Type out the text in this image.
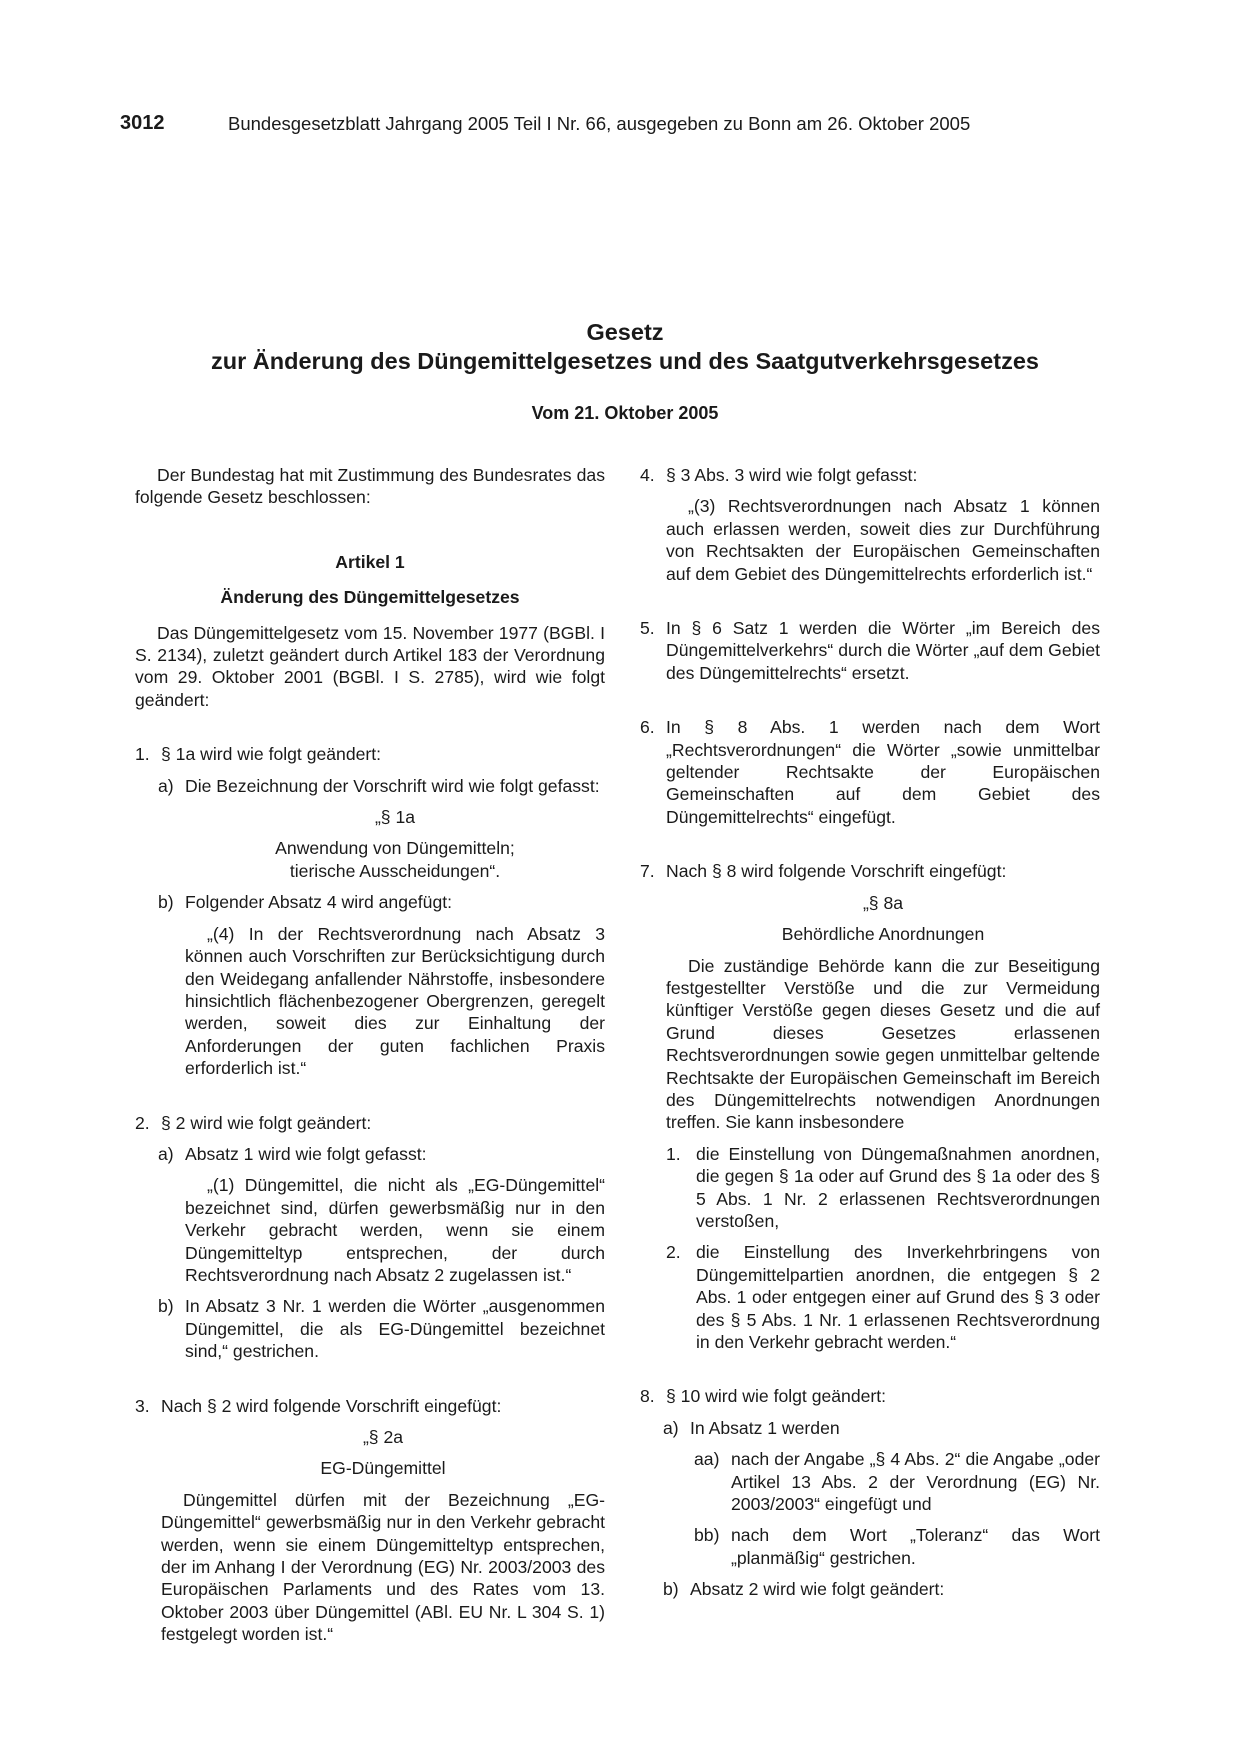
3012	Bundesgesetzblatt Jahrgang 2005 Teil I Nr. 66, ausgegeben zu Bonn am 26. Oktober 2005
Gesetz
zur Änderung des Düngemittelgesetzes und des Saatgutverkehrsgesetzes
Vom 21. Oktober 2005

Der Bundestag hat mit Zustimmung des Bundesrates das folgende Gesetz beschlossen:

Artikel 1

Änderung des Düngemittelgesetzes

Das Düngemittelgesetz vom 15. November 1977 (BGBl. I S. 2134), zuletzt geändert durch Artikel 183 der Verordnung vom 29. Oktober 2001 (BGBl. I S. 2785), wird wie folgt geändert:

1. § 1a wird wie folgt geändert:

a) Die Bezeichnung der Vorschrift wird wie folgt gefasst:

„§ 1a

Anwendung von Düngemitteln;

tierische Ausscheidungen“.

b) Folgender Absatz 4 wird angefügt:

„(4) In der Rechtsverordnung nach Absatz 3 können auch Vorschriften zur Berücksichtigung durch den Weidegang anfallender Nährstoffe, insbesondere hinsichtlich flächenbezogener Obergrenzen, geregelt werden, soweit dies zur Einhaltung der Anforderungen der guten fachlichen Praxis erforderlich ist.“

2. § 2 wird wie folgt geändert:

a) Absatz 1 wird wie folgt gefasst:

„(1) Düngemittel, die nicht als „EG-Düngemittel“ bezeichnet sind, dürfen gewerbsmäßig nur in den Verkehr gebracht werden, wenn sie einem Düngemitteltyp entsprechen, der durch Rechtsverordnung nach Absatz 2 zugelassen ist.“

b) In Absatz 3 Nr. 1 werden die Wörter „ausgenommen Düngemittel, die als EG-Düngemittel bezeichnet sind,“ gestrichen.

3. Nach § 2 wird folgende Vorschrift eingefügt:

„§ 2a

EG-Düngemittel

Düngemittel dürfen mit der Bezeichnung „EG-Düngemittel“ gewerbsmäßig nur in den Verkehr gebracht werden, wenn sie einem Düngemitteltyp entsprechen, der im Anhang I der Verordnung (EG) Nr. 2003/2003 des Europäischen Parlaments und des Rates vom 13. Oktober 2003 über Düngemittel (ABl. EU Nr. L 304 S. 1) festgelegt worden ist.“

4. § 3 Abs. 3 wird wie folgt gefasst:

„(3) Rechtsverordnungen nach Absatz 1 können auch erlassen werden, soweit dies zur Durchführung von Rechtsakten der Europäischen Gemeinschaften auf dem Gebiet des Düngemittelrechts erforderlich ist.“

5. In § 6 Satz 1 werden die Wörter „im Bereich des Düngemittelverkehrs“ durch die Wörter „auf dem Gebiet des Düngemittelrechts“ ersetzt.

6. In § 8 Abs. 1 werden nach dem Wort „Rechtsverordnungen“ die Wörter „sowie unmittelbar geltender Rechtsakte der Europäischen Gemeinschaften auf dem Gebiet des Düngemittelrechts“ eingefügt.

7. Nach § 8 wird folgende Vorschrift eingefügt:

„§ 8a

Behördliche Anordnungen

Die zuständige Behörde kann die zur Beseitigung festgestellter Verstöße und die zur Vermeidung künftiger Verstöße gegen dieses Gesetz und die auf Grund dieses Gesetzes erlassenen Rechtsverordnungen sowie gegen unmittelbar geltende Rechtsakte der Europäischen Gemeinschaft im Bereich des Düngemittelrechts notwendigen Anordnungen treffen. Sie kann insbesondere

1. die Einstellung von Düngemaßnahmen anordnen, die gegen § 1a oder auf Grund des § 1a oder des § 5 Abs. 1 Nr. 2 erlassenen Rechtsverordnungen verstoßen,

2. die Einstellung des Inverkehrbringens von Düngemittelpartien anordnen, die entgegen § 2 Abs. 1 oder entgegen einer auf Grund des § 3 oder des § 5 Abs. 1 Nr. 1 erlassenen Rechtsverordnung in den Verkehr gebracht werden.“

8. § 10 wird wie folgt geändert:

a) In Absatz 1 werden

aa) nach der Angabe „§ 4 Abs. 2“ die Angabe „oder Artikel 13 Abs. 2 der Verordnung (EG) Nr. 2003/2003“ eingefügt und

bb) nach dem Wort „Toleranz“ das Wort „planmäßig“ gestrichen.

b) Absatz 2 wird wie folgt geändert:
